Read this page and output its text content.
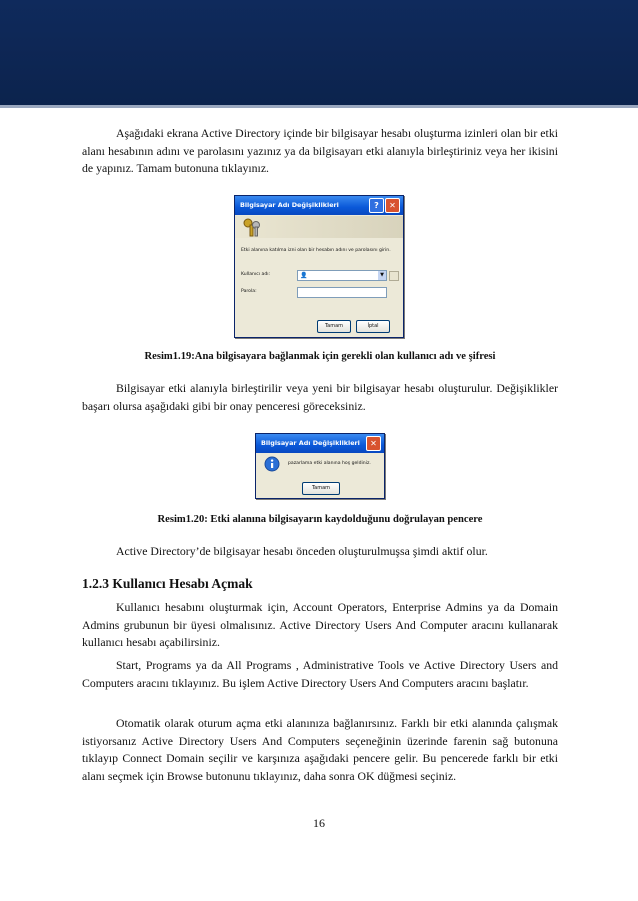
Aşağıdaki ekrana Active Directory içinde bir bilgisayar hesabı oluşturma izinleri olan bir etki alanı hesabının adını ve parolasını yazınız ya da bilgisayarı etki alanıyla birleştiriniz veya her ikisini de yapınız. Tamam butonuna tıklayınız.

Bilgisayar Adı Değişiklikleri	?	✕
Etki alanına katılma izni olan bir hesabın adını ve parolasını girin.
Kullanıcı adı:	👤	▼
Parola:
Tamam	İptal

Resim1.19:Ana bilgisayara bağlanmak için gerekli olan kullanıcı adı ve şifresi

Bilgisayar etki alanıyla birleştirilir veya yeni bir bilgisayar hesabı oluşturulur. Değişiklikler başarı olursa aşağıdaki gibi bir onay penceresi göreceksiniz.

Bilgisayar Adı Değişiklikleri	✕
pazarlama etki alanına hoş geldiniz.
Tamam

Resim1.20: Etki alanına bilgisayarın kaydolduğunu doğrulayan pencere

Active Directory’de bilgisayar hesabı önceden oluşturulmuşsa şimdi aktif olur.

1.2.3 Kullanıcı Hesabı Açmak

Kullanıcı hesabını oluşturmak için, Account Operators, Enterprise Admins ya da Domain Admins grubunun bir üyesi olmalısınız. Active Directory Users And Computer aracını kullanarak kullanıcı hesabı açabilirsiniz.

Start, Programs ya da All Programs , Administrative Tools ve Active Directory Users and Computers aracını tıklayınız. Bu işlem Active Directory Users And Computers aracını başlatır.

Otomatik olarak oturum açma etki alanınıza bağlanırsınız. Farklı bir etki alanında çalışmak istiyorsanız Active Directory Users And Computers seçeneğinin üzerinde farenin sağ butonuna tıklayıp Connect Domain seçilir ve karşınıza aşağıdaki pencere gelir. Bu pencerede farklı bir etki alanı seçmek için Browse butonunu tıklayınız, daha sonra OK düğmesi seçiniz.

16
